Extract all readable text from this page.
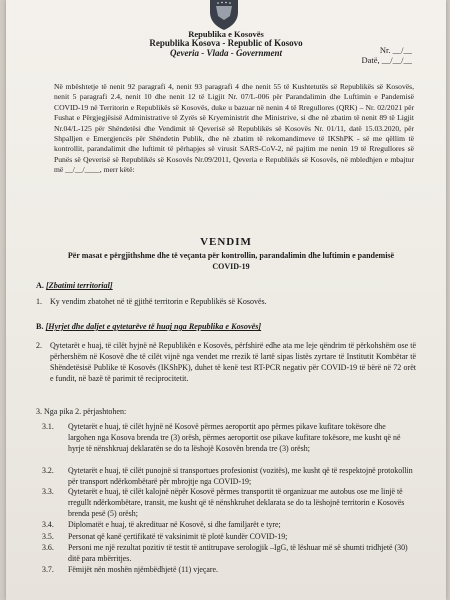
Republika e Kosovës
Republika Kosova - Republic of Kosovo
Qeveria - Vlada - Government	Nr. __/__
Datë, __/__/__
Në mbështetje të nenit 92 paragrafi 4, nenit 93 paragrafi 4 dhe nenit 55 të Kushtetutës së Republikës së Kosovës, nenit 5 paragrafi 2.4, nenit 10 dhe nenit 12 të Ligjit Nr. 07/L-006 për Parandalimin dhe Luftimin e Pandemisë COVID-19 në Territorin e Republikës së Kosovës, duke u bazuar në nenin 4 të Rregullores (QRK) – Nr. 02/2021 për Fushat e Përgjegjësisë Administrative të Zyrës së Kryeministrit dhe Ministrive, si dhe në zbatim të nenit 89 të Ligjit Nr.04/L-125 për Shëndetësi dhe Vendimit të Qeverisë së Republikës së Kosovës Nr. 01/11, datë 15.03.2020, për Shpalljen e Emergjencës për Shëndetin Publik, dhe në zbatim të rekomandimeve të IKShPK - së me qëllim të kontrollit, parandalimit dhe luftimit të përhapjes së virusit SARS-CoV-2, në pajtim me nenin 19 të Rregullores së Punës së Qeverisë së Republikës së Kosovës Nr.09/2011, Qeveria e Republikës së Kosovës, në mbledhjen e mbajtur më __/__/____, merr këtë:
VENDIM
Për masat e përgjithshme dhe të veçanta për kontrollin, parandalimin dhe luftimin e pandemisë COVID-19
A. [Zbatimi territorial]
1.	Ky vendim zbatohet në të gjithë territorin e Republikës së Kosovës.
B. [Hyrjet dhe daljet e qytetarëve të huaj nga Republika e Kosovës]
2.	Qytetarët e huaj, të cilët hyjnë në Republikën e Kosovës, përfshirë edhe ata me leje qëndrim të përkohshëm ose të përhershëm në Kosovë dhe të cilët vijnë nga vendet me rrezik të lartë sipas listës zyrtare të Institutit Kombëtar të Shëndetësisë Publike të Kosovës (IKShPK), duhet të kenë test RT-PCR negativ për COVID-19 të bërë në 72 orët e fundit, në bazë të parimit të reciprocitetit.
3. Nga pika 2. përjashtohen:
3.1. Qytetarët e huaj, të cilët hyjnë në Kosovë përmes aeroportit apo përmes pikave kufitare tokësore dhe largohen nga Kosova brenda tre (3) orësh, përmes aeroportit ose pikave kufitare tokësore, me kusht që në hyrje të nënshkruaj deklaratën se do ta lëshojë Kosovën brenda tre (3) orësh;
3.2. Qytetarët e huaj, të cilët punojnë si transportues profesionist (vozitës), me kusht që të respektojnë protokollin për transport ndërkombëtarë për mbrojtje nga COVID-19;
3.3. Qytetarët e huaj, të cilët kalojnë nëpër Kosovë përmes transportit të organizuar me autobus ose me linjë të rregullt ndërkombëtare, transit, me kusht që të nënshkruhet deklarata se do ta lëshojnë territorin e Kosovës brenda pesë (5) orësh;
3.4. Diplomatët e huaj, të akredituar në Kosovë, si dhe familjarët e tyre;
3.5. Personat që kanë çertifikatë të vaksinimit të plotë kundër COVID-19;
3.6. Personi me një rezultat pozitiv të testit të antitrupave serologjik –IgG, të lëshuar më së shumti tridhjetë (30) ditë para mbërritjes.
3.7. Fëmijët nën moshën njëmbëdhjetë (11) vjeçare.
